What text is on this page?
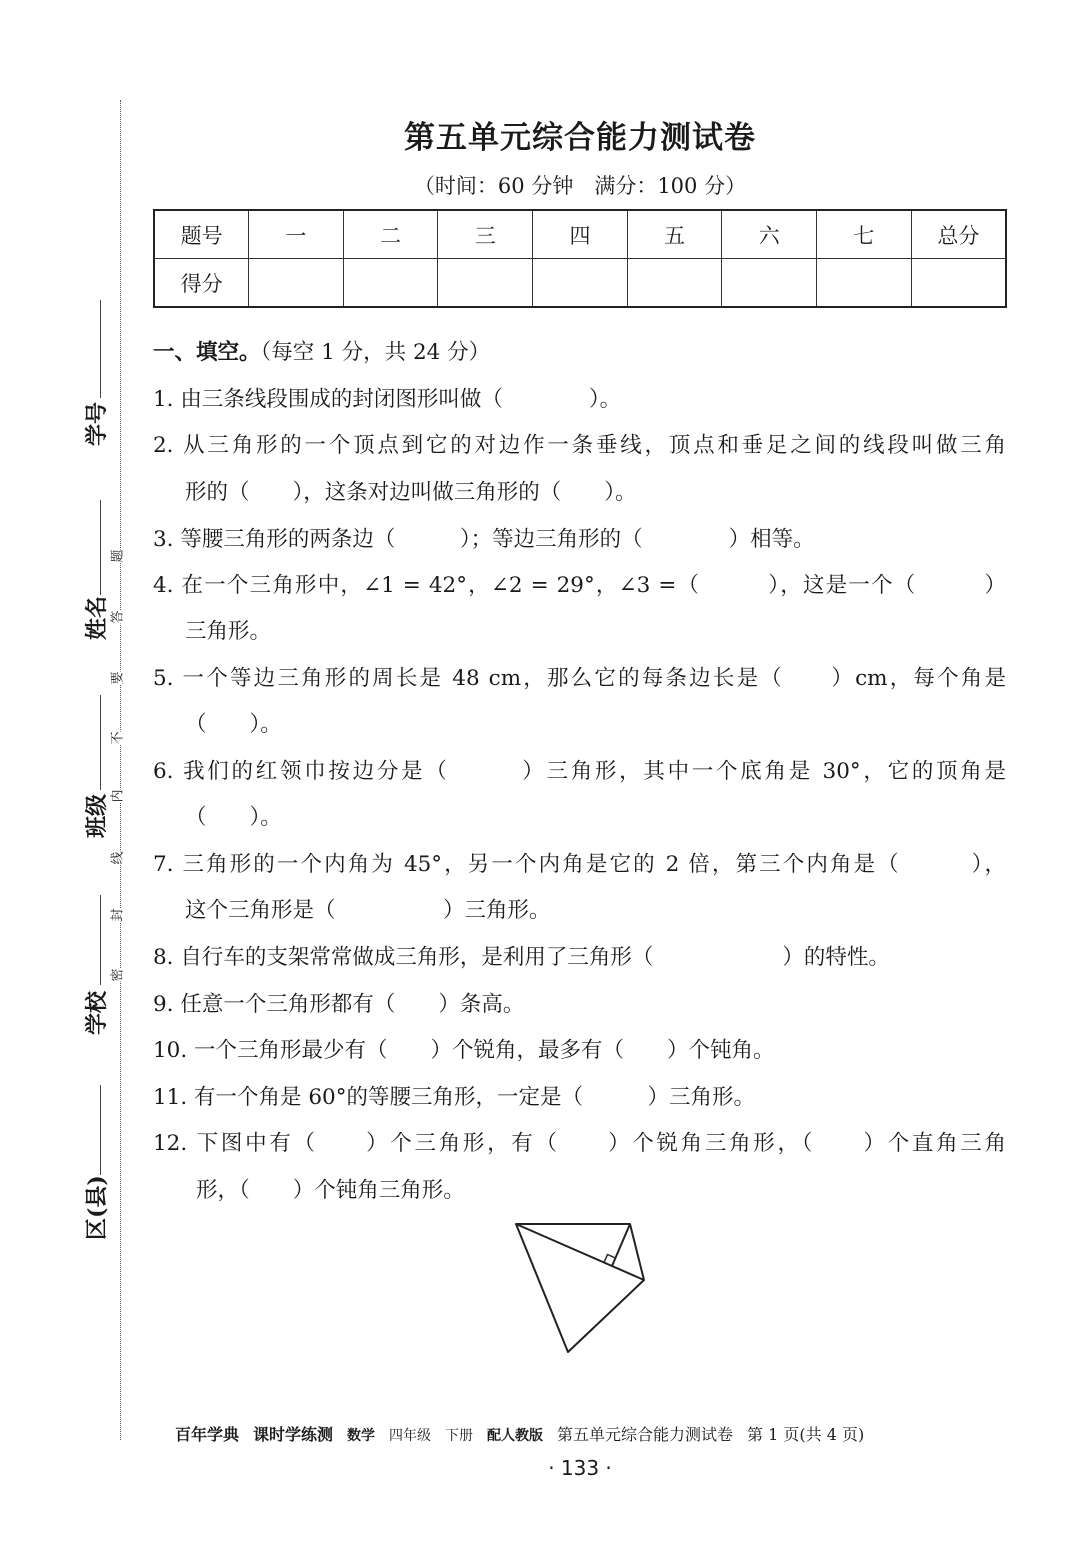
密
封
线
内
不
要
答
题
区(县)
学校
班级
姓名
学号
第五单元综合能力测试卷
（时间：60 分钟　满分：100 分）
题号	一	二	三	四	五	六	七	总分
得分								
一、填空。（每空 1 分，共 24 分）
1. 由三条线段围成的封闭图形叫做（　　　　）。
2. 从三角形的一个顶点到它的对边作一条垂线，顶点和垂足之间的线段叫做三角
形的（　　），这条对边叫做三角形的（　　）。
3. 等腰三角形的两条边（　　　）；等边三角形的（　　　　）相等。
4. 在一个三角形中，∠1 = 42°，∠2 = 29°，∠3 =（　　　），这是一个（　　　）
三角形。
5. 一个等边三角形的周长是 48 cm，那么它的每条边长是（　　）cm，每个角是
（　　）。
6. 我们的红领巾按边分是（　　　）三角形，其中一个底角是 30°，它的顶角是
（　　）。
7. 三角形的一个内角为 45°，另一个内角是它的 2 倍，第三个内角是（　　　），
这个三角形是（　　　　　）三角形。
8. 自行车的支架常常做成三角形，是利用了三角形（　　　　　　）的特性。
9. 任意一个三角形都有（　　）条高。
10. 一个三角形最少有（　　）个锐角，最多有（　　）个钝角。
11. 有一个角是 60°的等腰三角形，一定是（　　　）三角形。
12. 下图中有（　　）个三角形，有（　　）个锐角三角形，（　　）个直角三角
形，（　　）个钝角三角形。
百年学典 课时学练测 数学 四年级 下册 配人教版 第五单元综合能力测试卷 第 1 页(共 4 页)
· 133 ·
